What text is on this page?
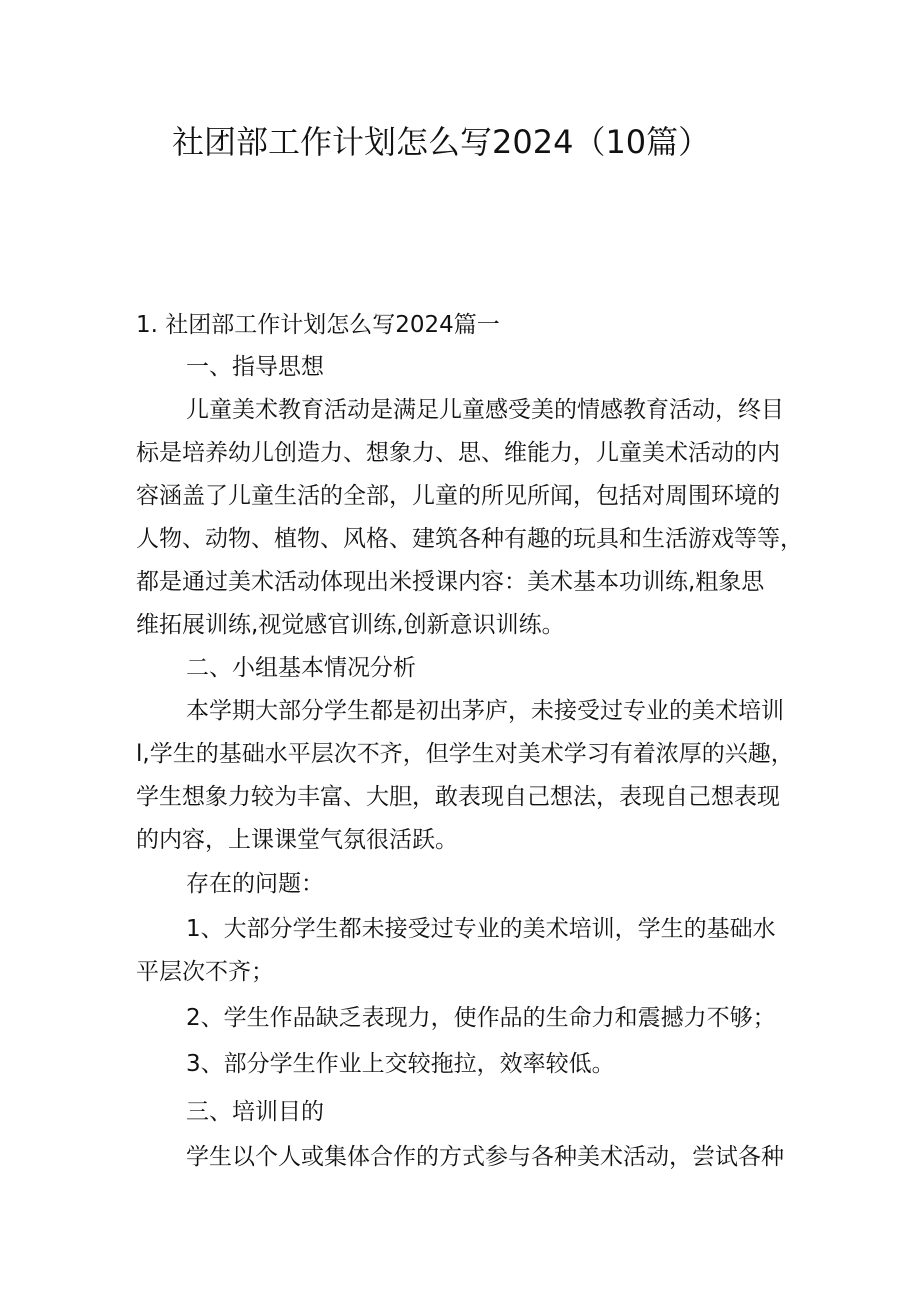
社团部工作计划怎么写2024（10篇）
1. 社团部工作计划怎么写2024篇一
一、指导思想
儿童美术教育活动是满足儿童感受美的情感教育活动，终目
标是培养幼儿创造力、想象力、思、维能力，儿童美术活动的内
容涵盖了儿童生活的全部，儿童的所见所闻，包括对周围环境的
人物、动物、植物、风格、建筑各种有趣的玩具和生活游戏等等，
都是通过美术活动体现出米授课内容：美术基本功训练,粗象思
维拓展训练,视觉感官训练,创新意识训练。
二、小组基本情况分析
本学期大部分学生都是初出茅庐，未接受过专业的美术培训
l,学生的基础水平层次不齐，但学生对美术学习有着浓厚的兴趣，
学生想象力较为丰富、大胆，敢表现自己想法，表现自己想表现
的内容，上课课堂气氛很活跃。
存在的问题：
1、大部分学生都未接受过专业的美术培训，学生的基础水
平层次不齐；
2、学生作品缺乏表现力，使作品的生命力和震撼力不够；
3、部分学生作业上交较拖拉，效率较低。
三、培训目的
学生以个人或集体合作的方式参与各种美术活动，尝试各种
